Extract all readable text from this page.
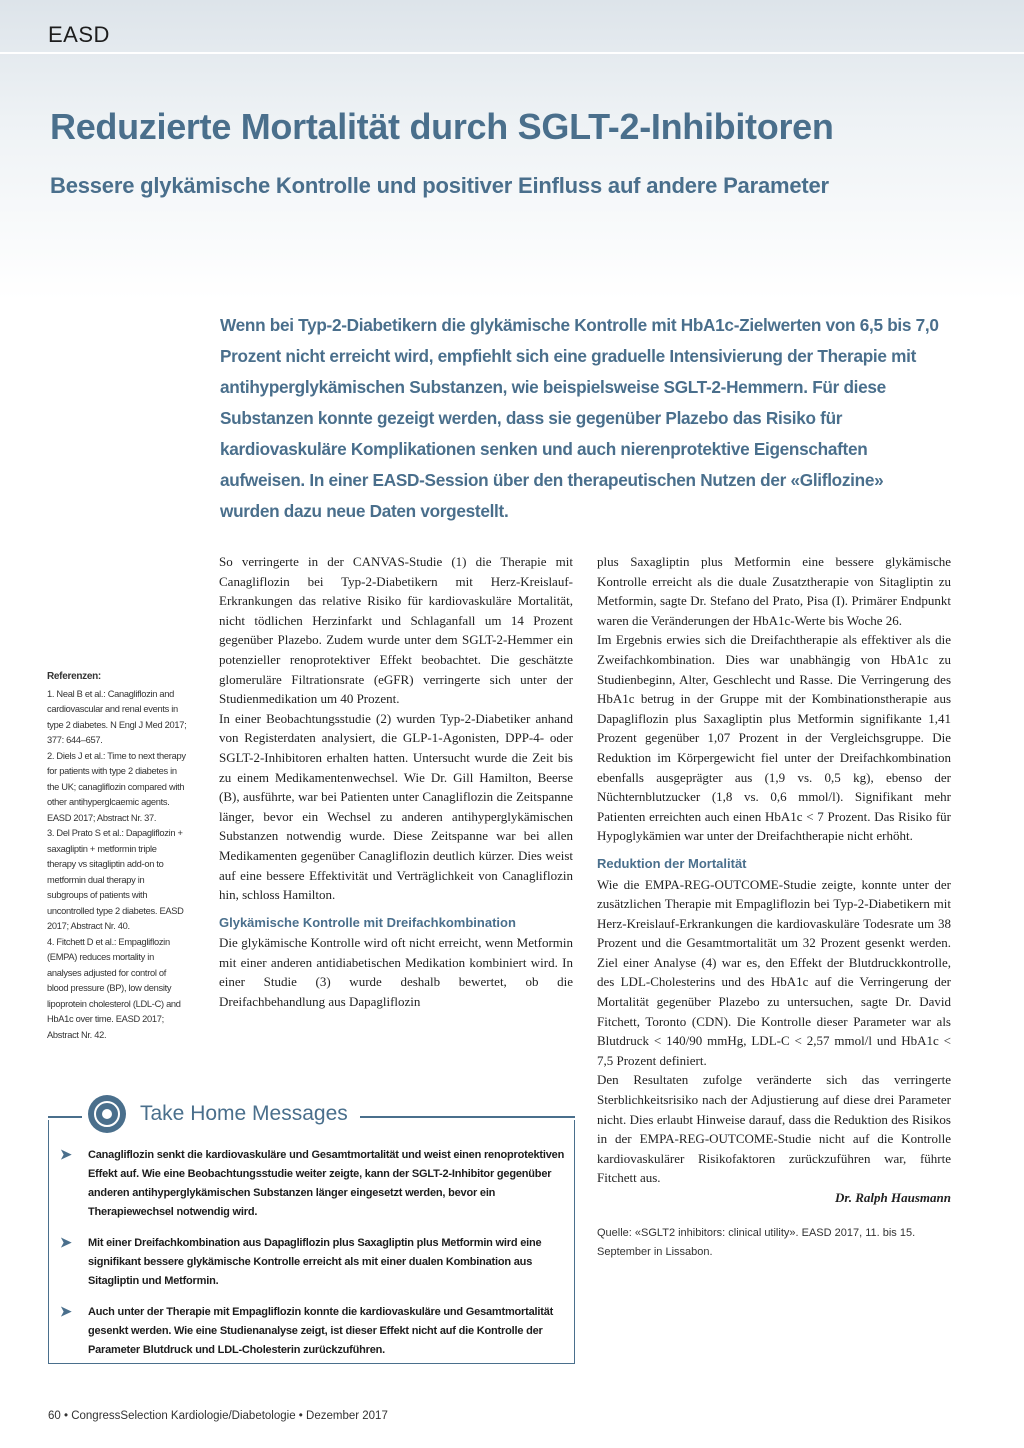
EASD
Reduzierte Mortalität durch SGLT-2-Inhibitoren
Bessere glykämische Kontrolle und positiver Einfluss auf andere Parameter
Wenn bei Typ-2-Diabetikern die glykämische Kontrolle mit HbA1c-Zielwerten von 6,5 bis 7,0 Prozent nicht erreicht wird, empfiehlt sich eine graduelle Intensivierung der Therapie mit antihyperglykämischen Substanzen, wie beispielsweise SGLT-2-Hemmern. Für diese Substanzen konnte gezeigt werden, dass sie gegenüber Plazebo das Risiko für kardiovaskuläre Komplikationen senken und auch nierenprotektive Eigenschaften aufweisen. In einer EASD-Session über den therapeutischen Nutzen der «Gliflozine» wurden dazu neue Daten vorgestellt.
Referenzen:
1. Neal B et al.: Canagliflozin and cardiovascular and renal events in type 2 diabetes. N Engl J Med 2017; 377: 644–657.
2. Diels J et al.: Time to next therapy for patients with type 2 diabetes in the UK; canagliflozin compared with other antihyperglcaemic agents. EASD 2017; Abstract Nr. 37.
3. Del Prato S et al.: Dapagliflozin + saxagliptin + metformin triple therapy vs sitagliptin add-on to metformin dual therapy in subgroups of patients with uncontrolled type 2 diabetes. EASD 2017; Abstract Nr. 40.
4. Fitchett D et al.: Empagliflozin (EMPA) reduces mortality in analyses adjusted for control of blood pressure (BP), low density lipoprotein cholesterol (LDL-C) and HbA1c over time. EASD 2017; Abstract Nr. 42.

So verringerte in der CANVAS-Studie (1) die Therapie mit Canagliflozin bei Typ-2-Diabetikern mit Herz-Kreislauf-Erkrankungen das relative Risiko für kardiovaskuläre Mortalität, nicht tödlichen Herzinfarkt und Schlaganfall um 14 Prozent gegenüber Plazebo. Zudem wurde unter dem SGLT-2-Hemmer ein potenzieller renoprotektiver Effekt beobachtet. Die geschätzte glomeruläre Filtrationsrate (eGFR) verringerte sich unter der Studienmedikation um 40 Prozent.

In einer Beobachtungsstudie (2) wurden Typ-2-Diabetiker anhand von Registerdaten analysiert, die GLP-1-Agonisten, DPP-4- oder SGLT-2-Inhibitoren erhalten hatten. Untersucht wurde die Zeit bis zu einem Medikamentenwechsel. Wie Dr. Gill Hamilton, Beerse (B), ausführte, war bei Patienten unter Canagliflozin die Zeitspanne länger, bevor ein Wechsel zu anderen antihyperglykämischen Substanzen notwendig wurde. Diese Zeitspanne war bei allen Medikamenten gegenüber Canagliflozin deutlich kürzer. Dies weist auf eine bessere Effektivität und Verträglichkeit von Canagliflozin hin, schloss Hamilton.

Glykämische Kontrolle mit Dreifachkombination

Die glykämische Kontrolle wird oft nicht erreicht, wenn Metformin mit einer anderen antidiabetischen Medikation kombiniert wird. In einer Studie (3) wurde deshalb bewertet, ob die Dreifachbehandlung aus Dapagliflozin

plus Saxagliptin plus Metformin eine bessere glykämische Kontrolle erreicht als die duale Zusatztherapie von Sitagliptin zu Metformin, sagte Dr. Stefano del Prato, Pisa (I). Primärer Endpunkt waren die Veränderungen der HbA1c-Werte bis Woche 26.

Im Ergebnis erwies sich die Dreifachtherapie als effektiver als die Zweifachkombination. Dies war unabhängig von HbA1c zu Studienbeginn, Alter, Geschlecht und Rasse. Die Verringerung des HbA1c betrug in der Gruppe mit der Kombinationstherapie aus Dapagliflozin plus Saxagliptin plus Metformin signifikante 1,41 Prozent gegenüber 1,07 Prozent in der Vergleichsgruppe. Die Reduktion im Körpergewicht fiel unter der Dreifachkombination ebenfalls ausgeprägter aus (1,9 vs. 0,5 kg), ebenso der Nüchternblutzucker (1,8 vs. 0,6 mmol/l). Signifikant mehr Patienten erreichten auch einen HbA1c < 7 Prozent. Das Risiko für Hypoglykämien war unter der Dreifachtherapie nicht erhöht.

Reduktion der Mortalität

Wie die EMPA-REG-OUTCOME-Studie zeigte, konnte unter der zusätzlichen Therapie mit Empagliflozin bei Typ-2-Diabetikern mit Herz-Kreislauf-Erkrankungen die kardiovaskuläre Todesrate um 38 Prozent und die Gesamtmortalität um 32 Prozent gesenkt werden. Ziel einer Analyse (4) war es, den Effekt der Blutdruckkontrolle, des LDL-Cholesterins und des HbA1c auf die Verringerung der Mortalität gegenüber Plazebo zu untersuchen, sagte Dr. David Fitchett, Toronto (CDN). Die Kontrolle dieser Parameter war als Blutdruck < 140/90 mmHg, LDL-C < 2,57 mmol/l und HbA1c < 7,5 Prozent definiert.

Den Resultaten zufolge veränderte sich das verringerte Sterblichkeitsrisiko nach der Adjustierung auf diese drei Parameter nicht. Dies erlaubt Hinweise darauf, dass die Reduktion des Risikos in der EMPA-REG-OUTCOME-Studie nicht auf die Kontrolle kardiovaskulärer Risikofaktoren zurückzuführen war, führte Fitchett aus.

Dr. Ralph Hausmann

Quelle: «SGLT2 inhibitors: clinical utility». EASD 2017, 11. bis 15. September in Lissabon.

Take Home Messages
➤ Canagliflozin senkt die kardiovaskuläre und Gesamtmortalität und weist einen renoprotektiven Effekt auf. Wie eine Beobachtungsstudie weiter zeigte, kann der SGLT-2-Inhibitor gegenüber anderen antihyperglykämischen Substanzen länger eingesetzt werden, bevor ein Therapiewechsel notwendig wird.
➤ Mit einer Dreifachkombination aus Dapagliflozin plus Saxagliptin plus Metformin wird eine signifikant bessere glykämische Kontrolle erreicht als mit einer dualen Kombination aus Sitagliptin und Metformin.
➤ Auch unter der Therapie mit Empagliflozin konnte die kardiovaskuläre und Gesamtmortalität gesenkt werden. Wie eine Studienanalyse zeigt, ist dieser Effekt nicht auf die Kontrolle der Parameter Blutdruck und LDL-Cholesterin zurückzuführen.
60 • CongressSelection Kardiologie/Diabetologie • Dezember 2017
